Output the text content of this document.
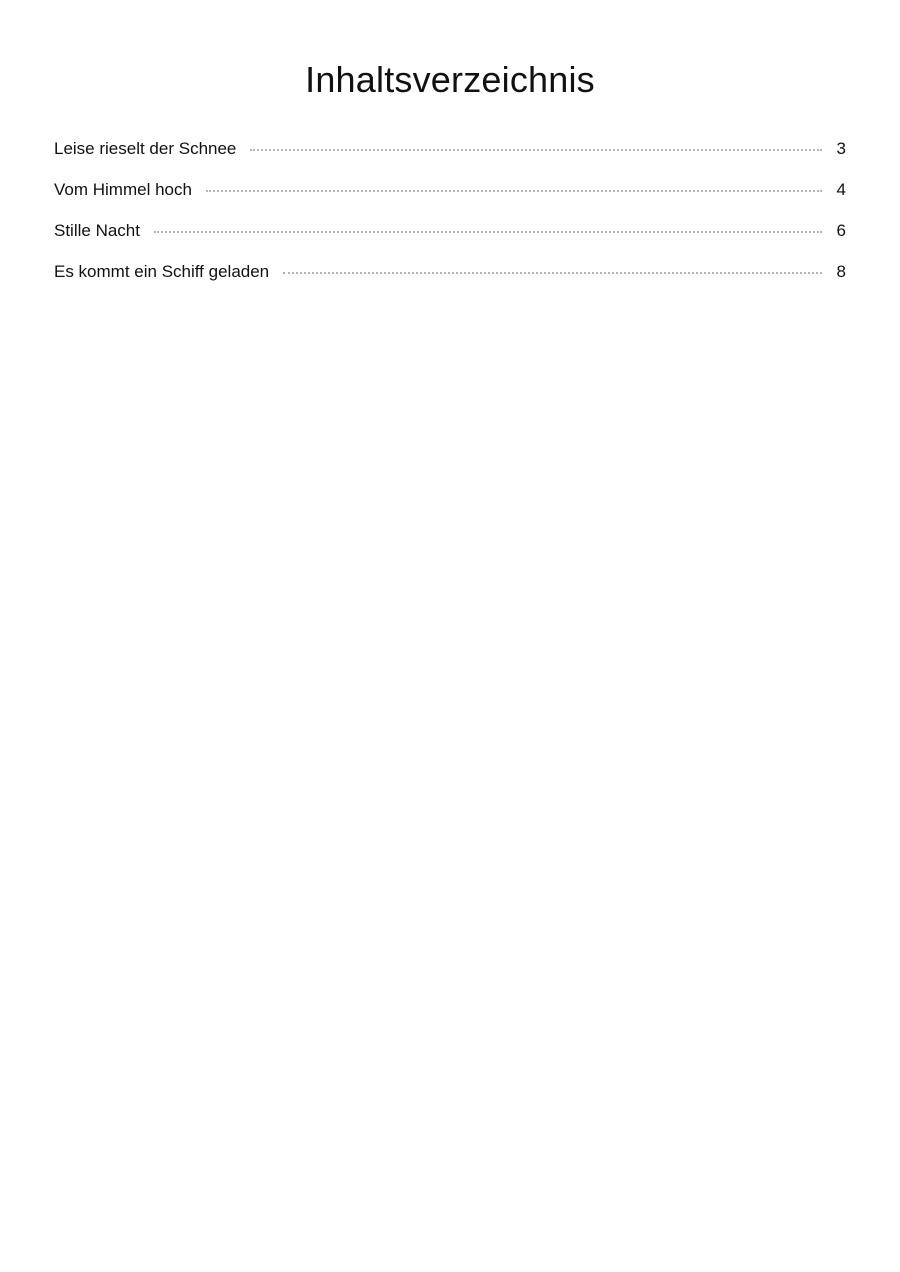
Inhaltsverzeichnis
Leise rieselt der Schnee	3
Vom Himmel hoch	4
Stille Nacht	6
Es kommt ein Schiff geladen	8
